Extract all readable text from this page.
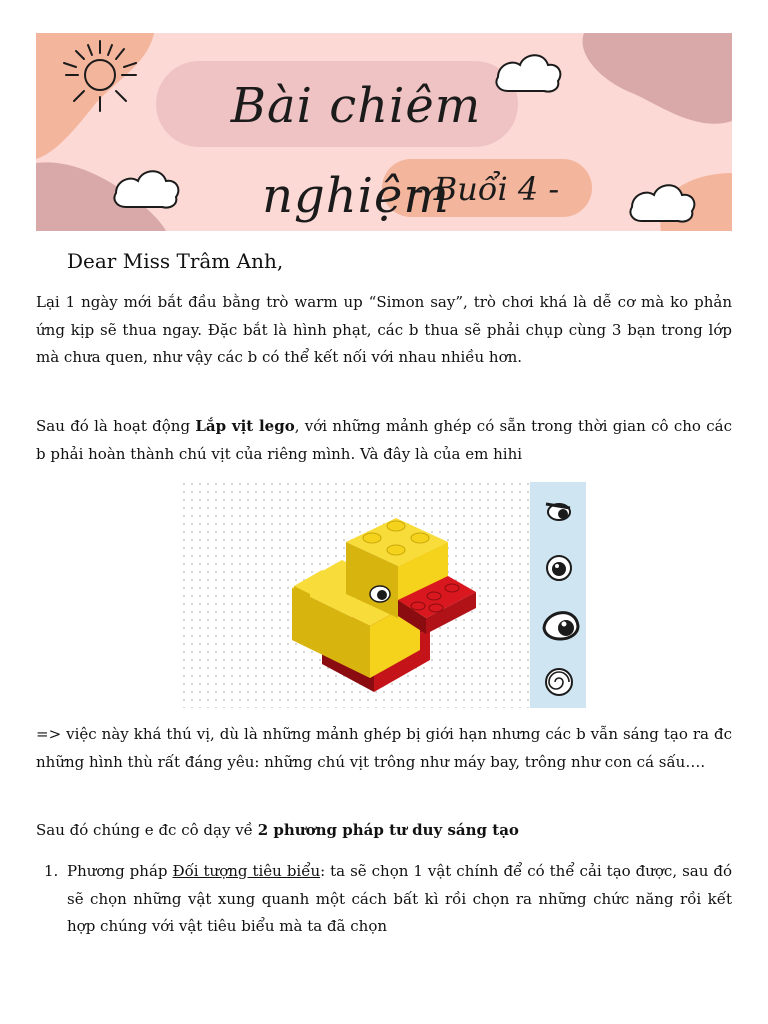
Bài chiêm nghiệm
- Buổi 4 -
Dear Miss Trâm Anh,

Lại 1 ngày mới bắt đầu bằng trò warm up “Simon say”, trò chơi khá là dễ cơ mà ko phản ứng kịp sẽ thua ngay. Đặc bắt là hình phạt, các b thua sẽ phải chụp cùng 3 bạn trong lớp mà chưa quen, như vậy các b có thể kết nối với nhau nhiều hơn.

Sau đó là hoạt động Lắp vịt lego, với những mảnh ghép có sẵn trong thời gian cô cho các b phải hoàn thành chú vịt của riêng mình. Và đây là của em hihi

=> việc này khá thú vị, dù là những mảnh ghép bị giới hạn nhưng các b vẫn sáng tạo ra đc những hình thù rất đáng yêu: những chú vịt trông như máy bay, trông như con cá sấu….

Sau đó chúng e đc cô dạy về 2 phương pháp tư duy sáng tạo

1. Phương pháp Đối tượng tiêu biểu: ta sẽ chọn 1 vật chính để có thể cải tạo được, sau đó sẽ chọn những vật xung quanh một cách bất kì rồi chọn ra những chức năng rồi kết hợp chúng với vật tiêu biểu mà ta đã chọn
